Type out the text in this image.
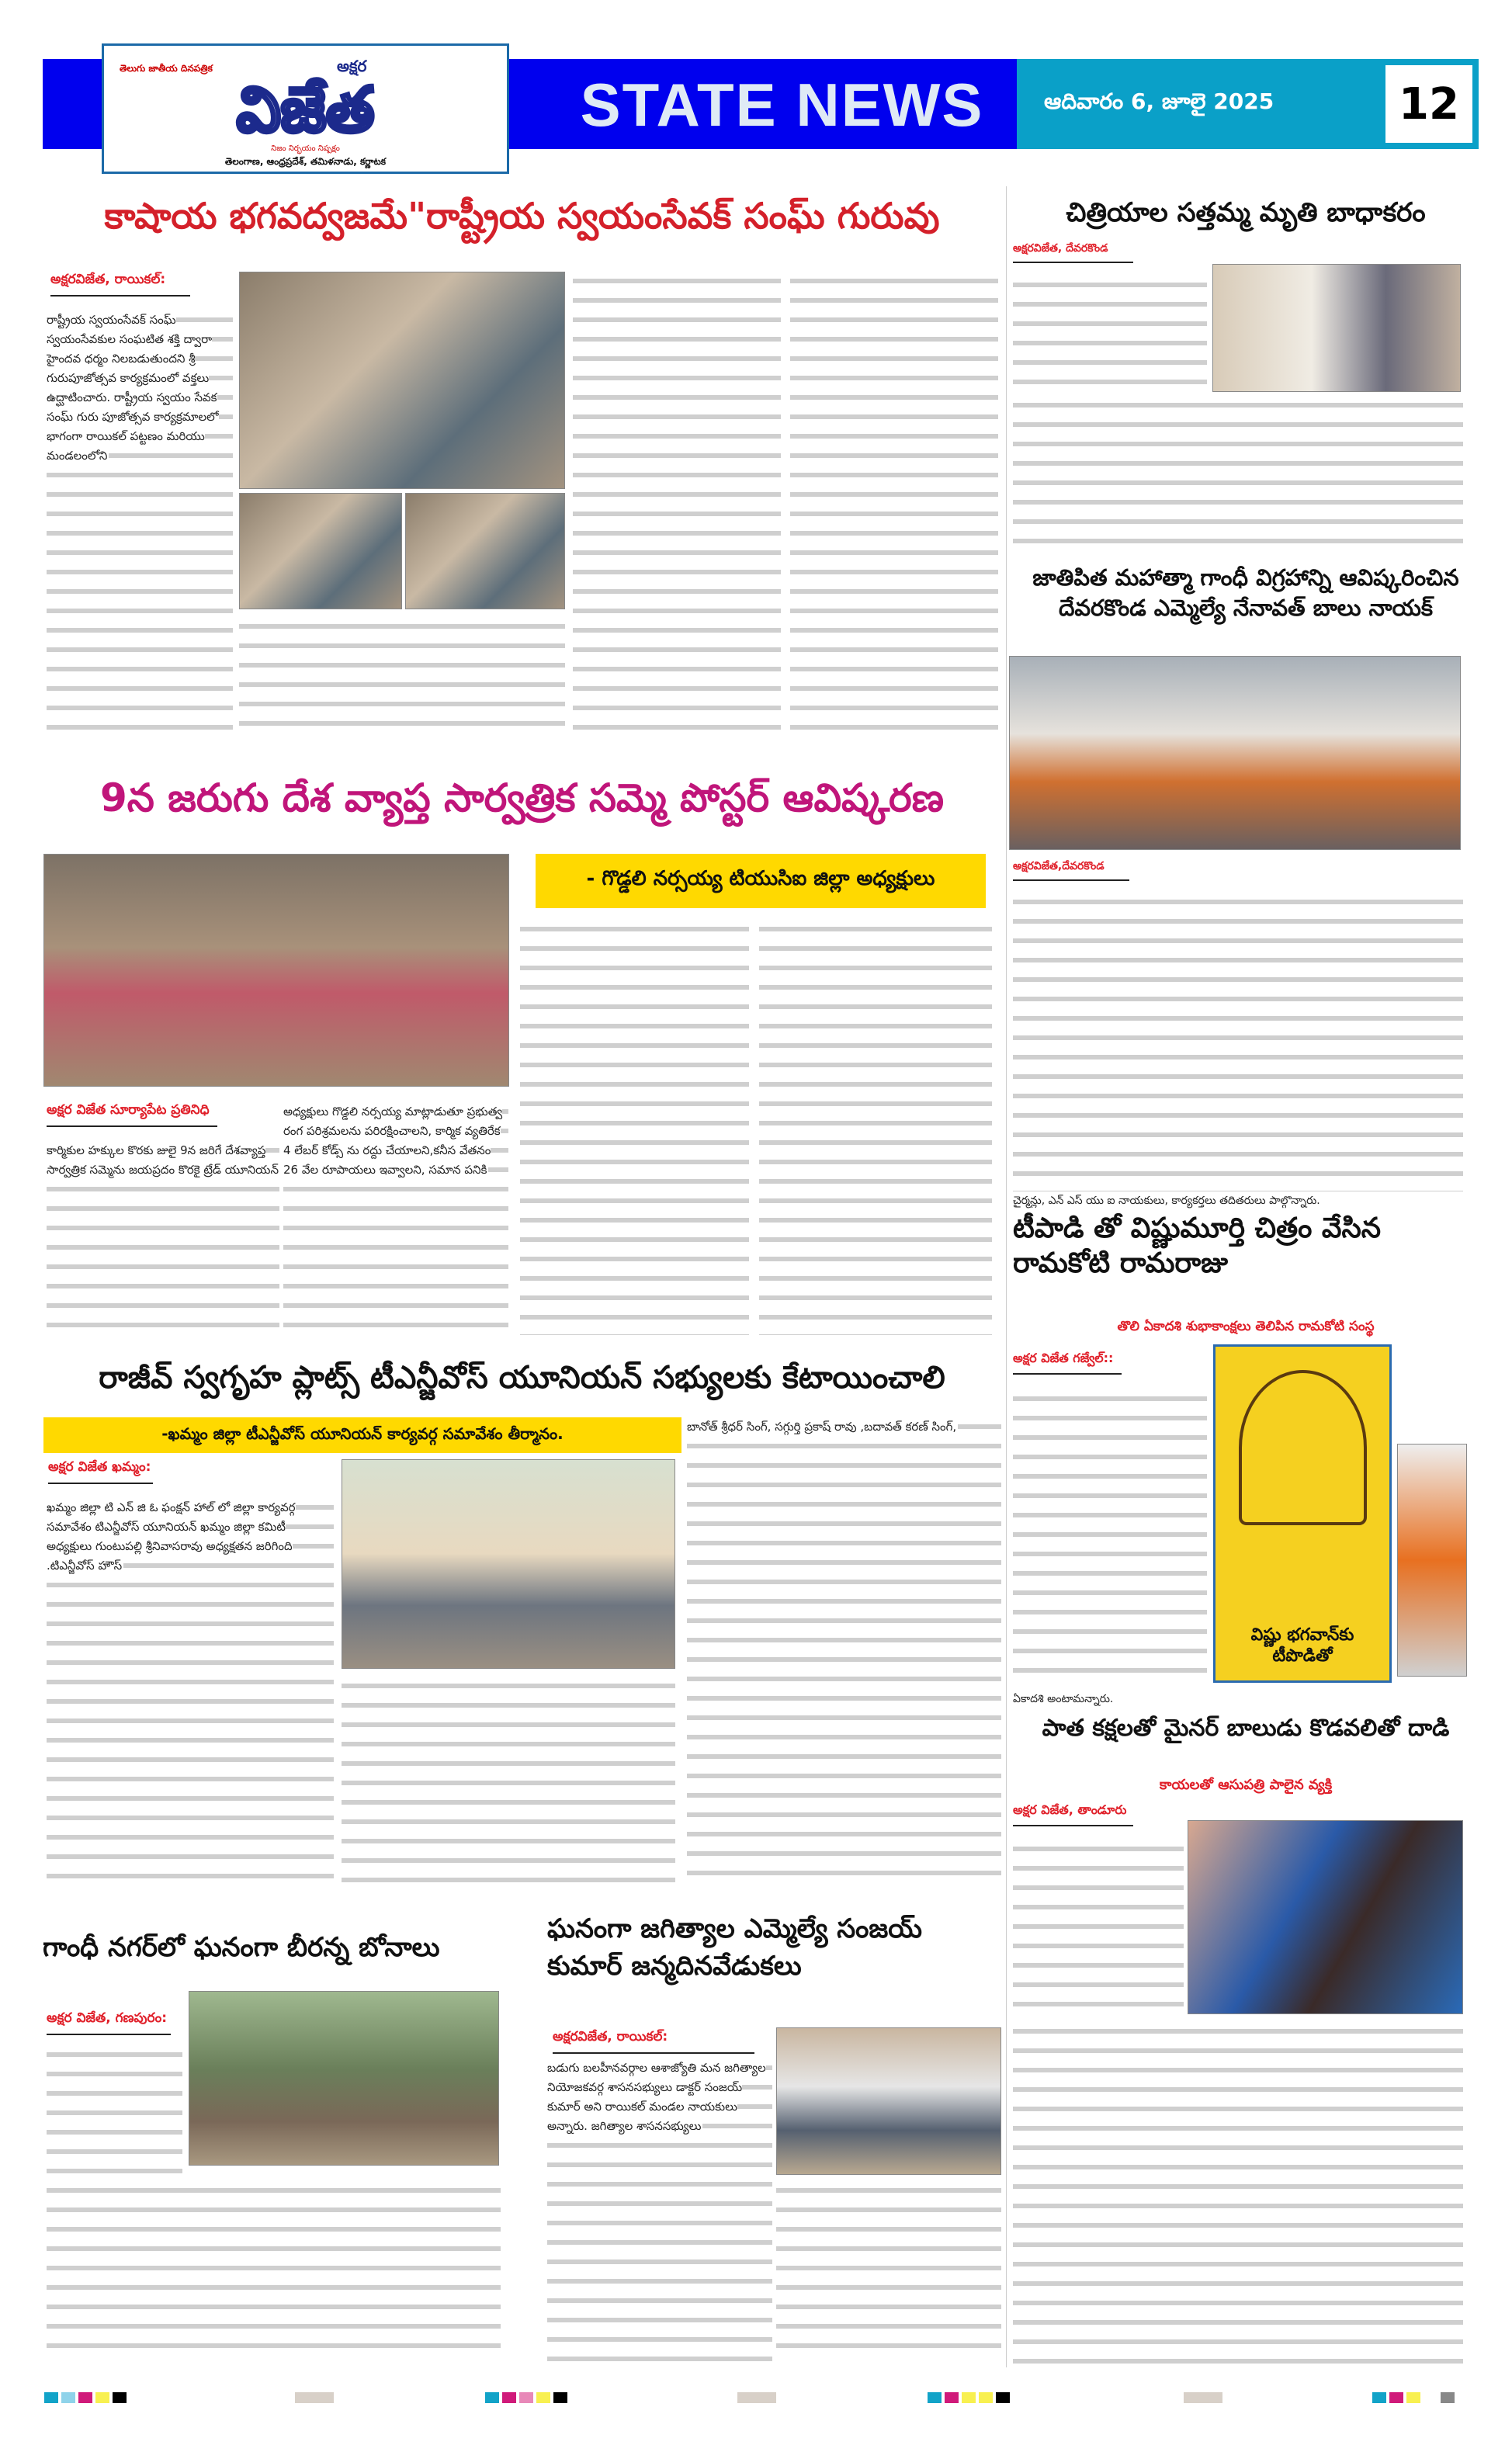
STATE NEWS	ఆదివారం 6, జూలై 2025	12
తెలుగు జాతీయ దినపత్రిక	అక్షర
విజేత
నిజం నిర్భయం నిష్పక్షం
తెలంగాణ, ఆంధ్రప్రదేశ్, తమిళనాడు, కర్ణాటక
కాషాయ భగవద్వజమే"రాష్ట్రీయ స్వయంసేవక్ సంఘ్ గురువు
అక్షరవిజేత, రాయికల్:
రాష్ట్రీయ స్వయంసేవక్ సంఘ్ స్వయంసేవకుల సంఘటిత శక్తి ద్వారా హైందవ ధర్మం నిలబడుతుందని శ్రీ గురుపూజోత్సవ కార్యక్రమంలో వక్తలు ఉద్ఘాటించారు. రాష్ట్రీయ స్వయం సేవక సంఘ్ గురు పూజోత్సవ కార్యక్రమాలలో భాగంగా రాయికల్ పట్టణం మరియు మండలంలోని
9న జరుగు దేశ వ్యాప్త సార్వత్రిక సమ్మె పోస్టర్ ఆవిష్కరణ
- గొడ్డలి నర్సయ్య టియుసిఐ జిల్లా అధ్యక్షులు
అక్షర విజేత సూర్యాపేట ప్రతినిధి
కార్మికుల హక్కుల కొరకు జులై 9న జరిగే దేశవ్యాప్త సార్వత్రిక సమ్మెను జయప్రదం కొరకై ట్రేడ్ యూనియన్
అధ్యక్షులు గొడ్డలి నర్సయ్య మాట్లాడుతూ ప్రభుత్వ రంగ పరిశ్రమలను పరిరక్షించాలని, కార్మిక వ్యతిరేక 4 లేబర్ కోడ్స్ ను రద్దు చేయాలని,కనీస వేతనం 26 వేల రూపాయలు ఇవ్వాలని, సమాన పనికి
రాజీవ్ స్వగృహ ప్లాట్స్ టీఎన్జీవోస్ యూనియన్ సభ్యులకు కేటాయించాలి
-ఖమ్మం జిల్లా టీఎన్జీవోస్ యూనియన్ కార్యవర్గ సమావేశం తీర్మానం.
అక్షర విజేత ఖమ్మం:
ఖమ్మం జిల్లా టి ఎన్ జి ఓ ఫంక్షన్ హాల్ లో జిల్లా కార్యవర్గ సమావేశం టిఎన్జీవోస్ యూనియన్ ఖమ్మం జిల్లా కమిటీ అధ్యక్షులు గుంటుపల్లి శ్రీనివాసరావు అధ్యక్షతన జరిగింది .టిఎన్జీవోస్ హౌస్
బానోత్ శ్రీధర్ సింగ్, సగ్గుర్తి ప్రకాష్ రావు ,బదావత్ కరణ్ సింగ్,
గాంధీ నగర్‌లో ఘనంగా బీరన్న బోనాలు
అక్షర విజేత, గణపురం:
ఘనంగా జగిత్యాల ఎమ్మెల్యే సంజయ్ కుమార్ జన్మదినవేడుకలు
అక్షరవిజేత, రాయికల్:
బడుగు బలహీనవర్గాల ఆశాజ్యోతి మన జగిత్యాల నియోజకవర్గ శాసనసభ్యులు డాక్టర్ సంజయ్ కుమార్ అని రాయికల్ మండల నాయకులు అన్నారు. జగిత్యాల శాసనసభ్యులు
చిత్రియాల సత్తమ్మ మృతి బాధాకరం
అక్షరవిజేత, దేవరకొండ
జాతిపిత మహాత్మా గాంధీ విగ్రహాన్ని ఆవిష్కరించిన దేవరకొండ ఎమ్మెల్యే నేనావత్ బాలు నాయక్
అక్షరవిజేత,దేవరకొండ
చైర్మన్లు, ఎన్ ఎస్ యు ఐ నాయకులు, కార్యకర్తలు తదితరులు పాల్గొన్నారు.
టీపాడి తో విష్ణుమూర్తి చిత్రం వేసిన రామకోటి రామరాజు
తొలి ఏకాదశి శుభాకాంక్షలు తెలిపిన రామకోటి సంస్థ
అక్షర విజేత గజ్వేల్::
విష్ణు భగవాన్‌కు టీపొడితో
ఏకాదశి అంటామన్నారు.
పాత కక్షలతో మైనర్ బాలుడు కొడవలితో దాడి
కాయలతో ఆసుపత్రి పాలైన వ్యక్తి
అక్షర విజేత, తాండూరు
